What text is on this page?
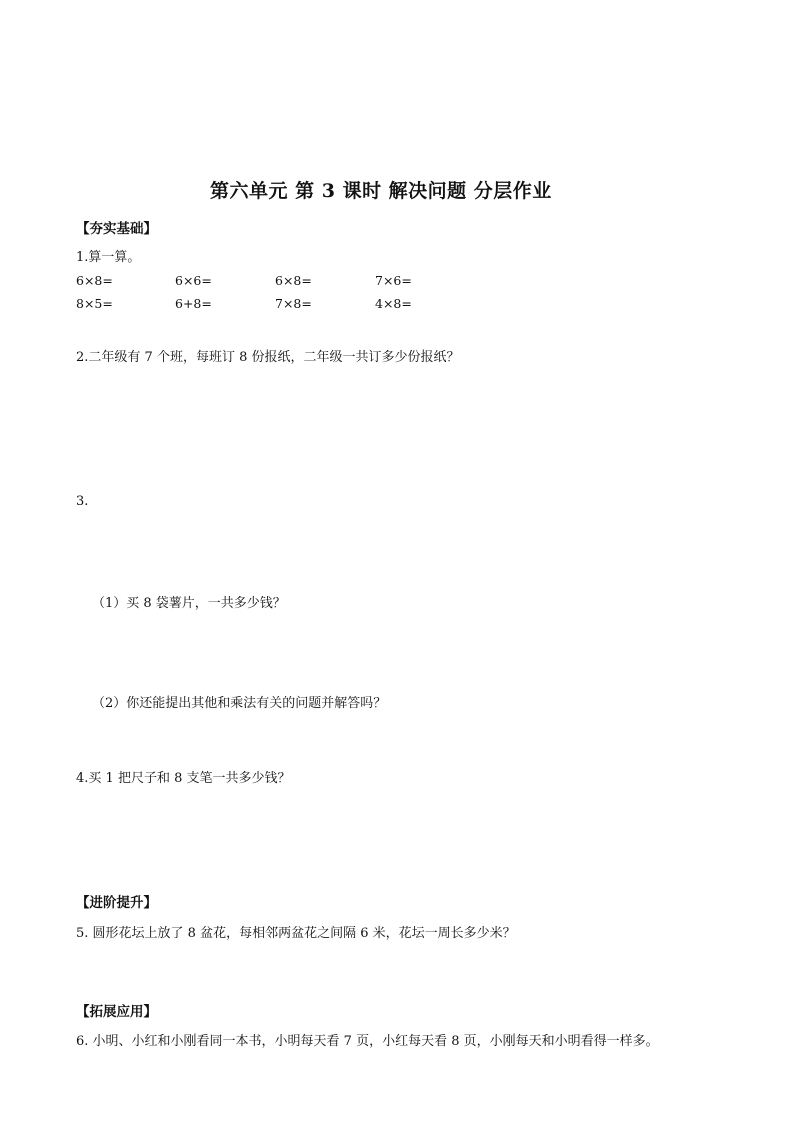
第六单元 第 3 课时 解决问题 分层作业
【夯实基础】
1.算一算。
6×8=	6×6=	6×8=	7×6=
8×5=	6+8=	7×8=	4×8=
2.二年级有 7 个班，每班订 8 份报纸，二年级一共订多少份报纸？
3.
（1）买 8 袋薯片，一共多少钱？
（2）你还能提出其他和乘法有关的问题并解答吗？
4.买 1 把尺子和 8 支笔一共多少钱？
【进阶提升】
5. 圆形花坛上放了 8 盆花，每相邻两盆花之间隔 6 米，花坛一周长多少米？
【拓展应用】
6. 小明、小红和小刚看同一本书，小明每天看 7 页，小红每天看 8 页，小刚每天和小明看得一样多。
